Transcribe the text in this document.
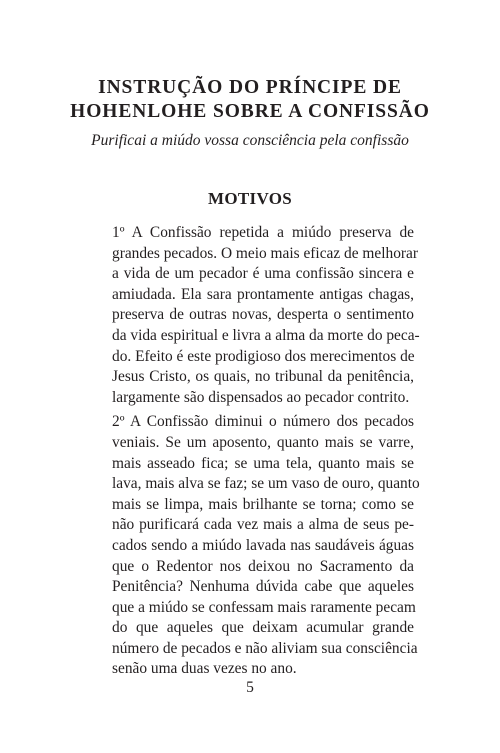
INSTRUÇÃO DO PRÍNCIPE DE
HOHENLOHE SOBRE A CONFISSÃO

Purificai a miúdo vossa consciência pela confissão

MOTIVOS
1º A Confissão repetida a miúdo preserva de
grandes pecados. O meio mais eficaz de melhorar
a vida de um pecador é uma confissão sincera e
amiudada. Ela sara prontamente antigas chagas,
preserva de outras novas, desperta o sentimento
da vida espiritual e livra a alma da morte do peca-
do. Efeito é este prodigioso dos merecimentos de
Jesus Cristo, os quais, no tribunal da penitência,
largamente são dispensados ao pecador contrito.
2º A Confissão diminui o número dos pecados
veniais. Se um aposento, quanto mais se varre,
mais asseado fica; se uma tela, quanto mais se
lava, mais alva se faz; se um vaso de ouro, quanto
mais se limpa, mais brilhante se torna; como se
não purificará cada vez mais a alma de seus pe-
cados sendo a miúdo lavada nas saudáveis águas
que o Redentor nos deixou no Sacramento da
Penitência? Nenhuma dúvida cabe que aqueles
que a miúdo se confessam mais raramente pecam
do que aqueles que deixam acumular grande
número de pecados e não aliviam sua consciência
senão uma duas vezes no ano.

5
